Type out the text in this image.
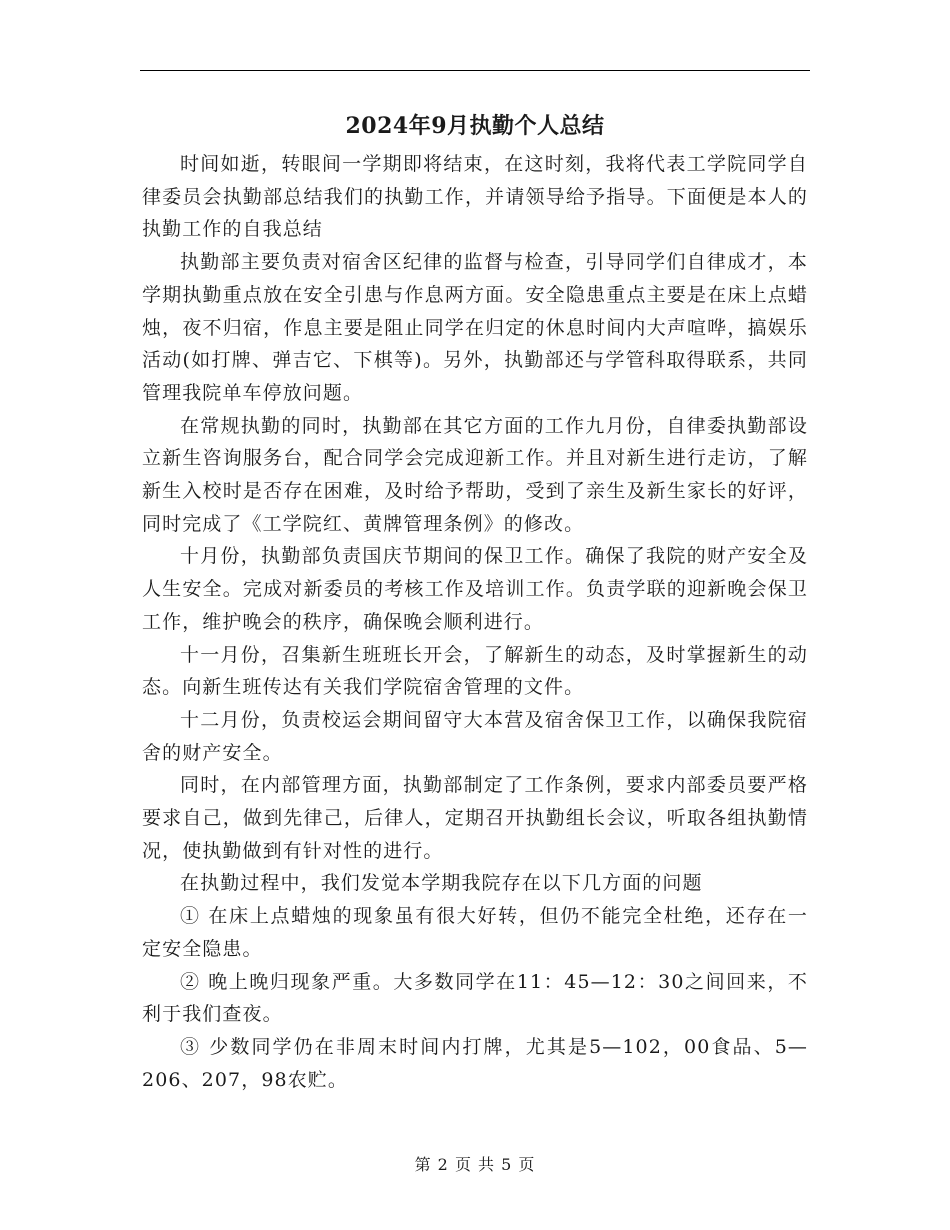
2024年9月执勤个人总结

时间如逝，转眼间一学期即将结束，在这时刻，我将代表工学院同学自律委员会执勤部总结我们的执勤工作，并请领导给予指导。下面便是本人的执勤工作的自我总结

执勤部主要负责对宿舍区纪律的监督与检查，引导同学们自律成才，本学期执勤重点放在安全引患与作息两方面。安全隐患重点主要是在床上点蜡烛，夜不归宿，作息主要是阻止同学在归定的休息时间内大声喧哗，搞娱乐活动(如打牌、弹吉它、下棋等)。另外，执勤部还与学管科取得联系，共同管理我院单车停放问题。

在常规执勤的同时，执勤部在其它方面的工作九月份，自律委执勤部设立新生咨询服务台，配合同学会完成迎新工作。并且对新生进行走访，了解新生入校时是否存在困难，及时给予帮助，受到了亲生及新生家长的好评，同时完成了《工学院红、黄牌管理条例》的修改。

十月份，执勤部负责国庆节期间的保卫工作。确保了我院的财产安全及人生安全。完成对新委员的考核工作及培训工作。负责学联的迎新晚会保卫工作，维护晚会的秩序，确保晚会顺利进行。

十一月份，召集新生班班长开会，了解新生的动态，及时掌握新生的动态。向新生班传达有关我们学院宿舍管理的文件。

十二月份，负责校运会期间留守大本营及宿舍保卫工作，以确保我院宿舍的财产安全。

同时，在内部管理方面，执勤部制定了工作条例，要求内部委员要严格要求自己，做到先律己，后律人，定期召开执勤组长会议，听取各组执勤情况，使执勤做到有针对性的进行。

在执勤过程中，我们发觉本学期我院存在以下几方面的问题

① 在床上点蜡烛的现象虽有很大好转，但仍不能完全杜绝，还存在一定安全隐患。

② 晚上晚归现象严重。大多数同学在11：45—12：30之间回来，不利于我们查夜。

③ 少数同学仍在非周末时间内打牌，尤其是5—102，00食品、5—206、207，98农贮。

第 2 页 共 5 页
